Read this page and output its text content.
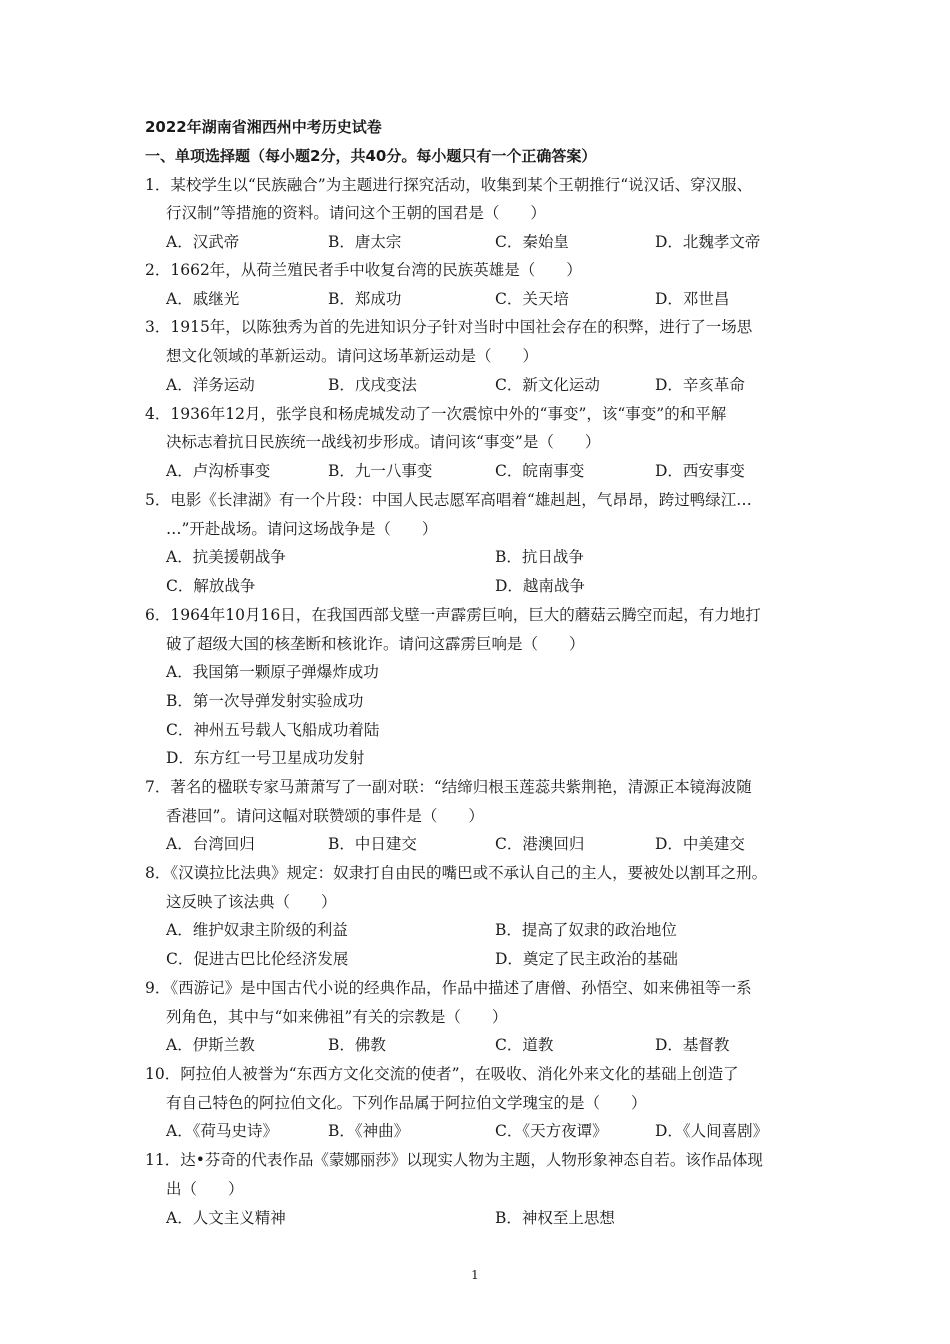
2022年湖南省湘西州中考历史试卷
一、单项选择题（每小题2分，共40分。每小题只有一个正确答案）
1．某校学生以“民族融合”为主题进行探究活动，收集到某个王朝推行“说汉话、穿汉服、
行汉制”等措施的资料。请问这个王朝的国君是（　　）
A．汉武帝	B．唐太宗	C．秦始皇	D．北魏孝文帝
2．1662年，从荷兰殖民者手中收复台湾的民族英雄是（　　）
A．戚继光	B．郑成功	C．关天培	D．邓世昌
3．1915年，以陈独秀为首的先进知识分子针对当时中国社会存在的积弊，进行了一场思
想文化领域的革新运动。请问这场革新运动是（　　）
A．洋务运动	B．戊戌变法	C．新文化运动	D．辛亥革命
4．1936年12月，张学良和杨虎城发动了一次震惊中外的“事变”，该“事变”的和平解
决标志着抗日民族统一战线初步形成。请问该“事变”是（　　）
A．卢沟桥事变	B．九一八事变	C．皖南事变	D．西安事变
5．电影《长津湖》有一个片段：中国人民志愿军高唱着“雄赳赳，气昂昂，跨过鸭绿江…
…”开赴战场。请问这场战争是（　　）
A．抗美援朝战争	B．抗日战争
C．解放战争	D．越南战争
6．1964年10月16日，在我国西部戈壁一声霹雳巨响，巨大的蘑菇云腾空而起，有力地打
破了超级大国的核垄断和核讹诈。请问这霹雳巨响是（　　）
A．我国第一颗原子弹爆炸成功
B．第一次导弹发射实验成功
C．神州五号载人飞船成功着陆
D．东方红一号卫星成功发射
7．著名的楹联专家马萧萧写了一副对联：“结缔归根玉莲蕊共紫荆艳，清源正本镜海波随
香港回”。请问这幅对联赞颂的事件是（　　）
A．台湾回归	B．中日建交	C．港澳回归	D．中美建交
8．《汉谟拉比法典》规定：奴隶打自由民的嘴巴或不承认自己的主人，要被处以割耳之刑。
这反映了该法典（　　）
A．维护奴隶主阶级的利益	B．提高了奴隶的政治地位
C．促进古巴比伦经济发展	D．奠定了民主政治的基础
9．《西游记》是中国古代小说的经典作品，作品中描述了唐僧、孙悟空、如来佛祖等一系
列角色，其中与“如来佛祖”有关的宗教是（　　）
A．伊斯兰教	B．佛教	C．道教	D．基督教
10．阿拉伯人被誉为“东西方文化交流的使者”，在吸收、消化外来文化的基础上创造了
有自己特色的阿拉伯文化。下列作品属于阿拉伯文学瑰宝的是（　　）
A．《荷马史诗》	B．《神曲》	C．《天方夜谭》	D．《人间喜剧》
11．达•芬奇的代表作品《蒙娜丽莎》以现实人物为主题，人物形象神态自若。该作品体现
出（　　）
A．人文主义精神	B．神权至上思想
1
